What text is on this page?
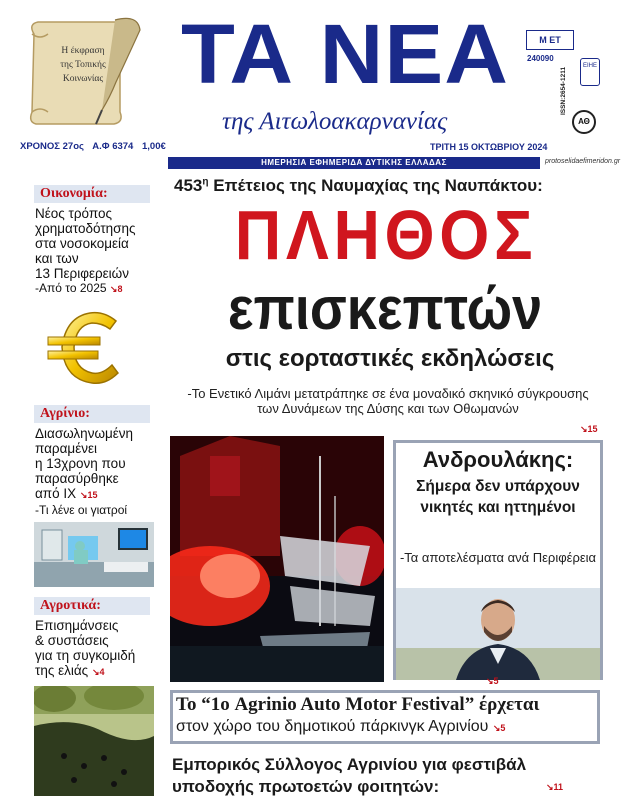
Η έκφραση
της Τοπικής
Κοινωνίας ΤΑ ΝΕΑ
της Αιτωλοακαρνανίας
ΧΡΟΝΟΣ 27ος Α.Φ 6374 1,00€	ΤΡΙΤΗ 15 ΟΚΤΩΒΡΙΟΥ 2024
Μ ΕΤ
240090
ISSN:2654-1211
ΕΙΗΕ
ΑΘ
ΗΜΕΡΗΣΙΑ ΕΦΗΜΕΡΙΔΑ ΔΥΤΙΚΗΣ ΕΛΛΑΔΑΣ	protoselidaefimeridon.gr
Οικονομία:
Νέος τρόπος
χρηματοδότησης
στα νοσοκομεία
και των
13 Περιφερειών
-Από το 2025 ↘8
Αγρίνιο:
Διασωληνωμένη
παραμένει
η 13χρονη που
παρασύρθηκε
από ΙΧ ↘15
-Τι λένε οι γιατροί
Αγροτικά:
Επισημάνσεις
& συστάσεις
για τη συγκομιδή
της ελιάς ↘4
$453^\eta$ Επέτειος της Ναυμαχίας της Ναυπάκτου:
ΠΛΗΘΟΣ
επισκεπτών
στις εορταστικές εκδηλώσεις
-Το Ενετικό Λιμάνι μετατράπηκε σε ένα μοναδικό σκηνικό σύγκρουσης των Δυνάμεων της Δύσης και των Οθωμανών
↘15
Ανδρουλάκης:
Σήμερα δεν υπάρχουν νικητές και ηττημένοι
-Τα αποτελέσματα ανά Περιφέρεια
↘5
Το “1ο Agrinio Auto Motor Festival” έρχεται
στον χώρο του δημοτικού πάρκινγκ Αγρινίου ↘5
Εμπορικός Σύλλογος Αγρινίου για φεστιβάλ υποδοχής πρωτοετών φοιτητών:	↘11
